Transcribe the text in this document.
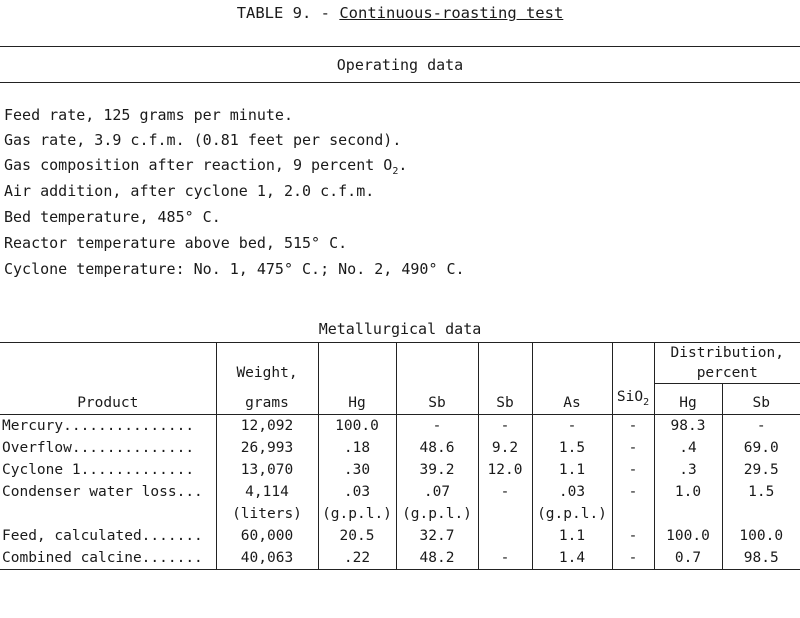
TABLE 9. - Continuous-roasting test
Operating data
Feed rate, 125 grams per minute.
Gas rate, 3.9 c.f.m. (0.81 feet per second).
Gas composition after reaction, 9 percent $O_2$.
Air addition, after cyclone 1, 2.0 c.f.m.
Bed temperature, 485° C.
Reactor temperature above bed, 515° C.
Cyclone temperature: No. 1, 475° C.; No. 2, 490° C.
Metallurgical data

							Distribution,	

	Weight,						percent	
Product	grams	Hg	Sb	Sb	As	SiO$_2$	Hg	Sb
Mercury...............	12,092	100.0	-	-	-	-	98.3	-
Overflow..............	26,993	.18	48.6	9.2	1.5	-	.4	69.0
Cyclone 1.............	13,070	.30	39.2	12.0	1.1	-	.3	29.5
Condenser water loss...	4,114	.03	.07	-	.03	-	1.0	1.5
	(liters)	(g.p.l.)	(g.p.l.)		(g.p.l.)			
Feed, calculated.......	60,000	20.5	32.7		1.1	-	100.0	100.0
Combined calcine.......	40,063	.22	48.2	-	1.4	-	0.7	98.5
